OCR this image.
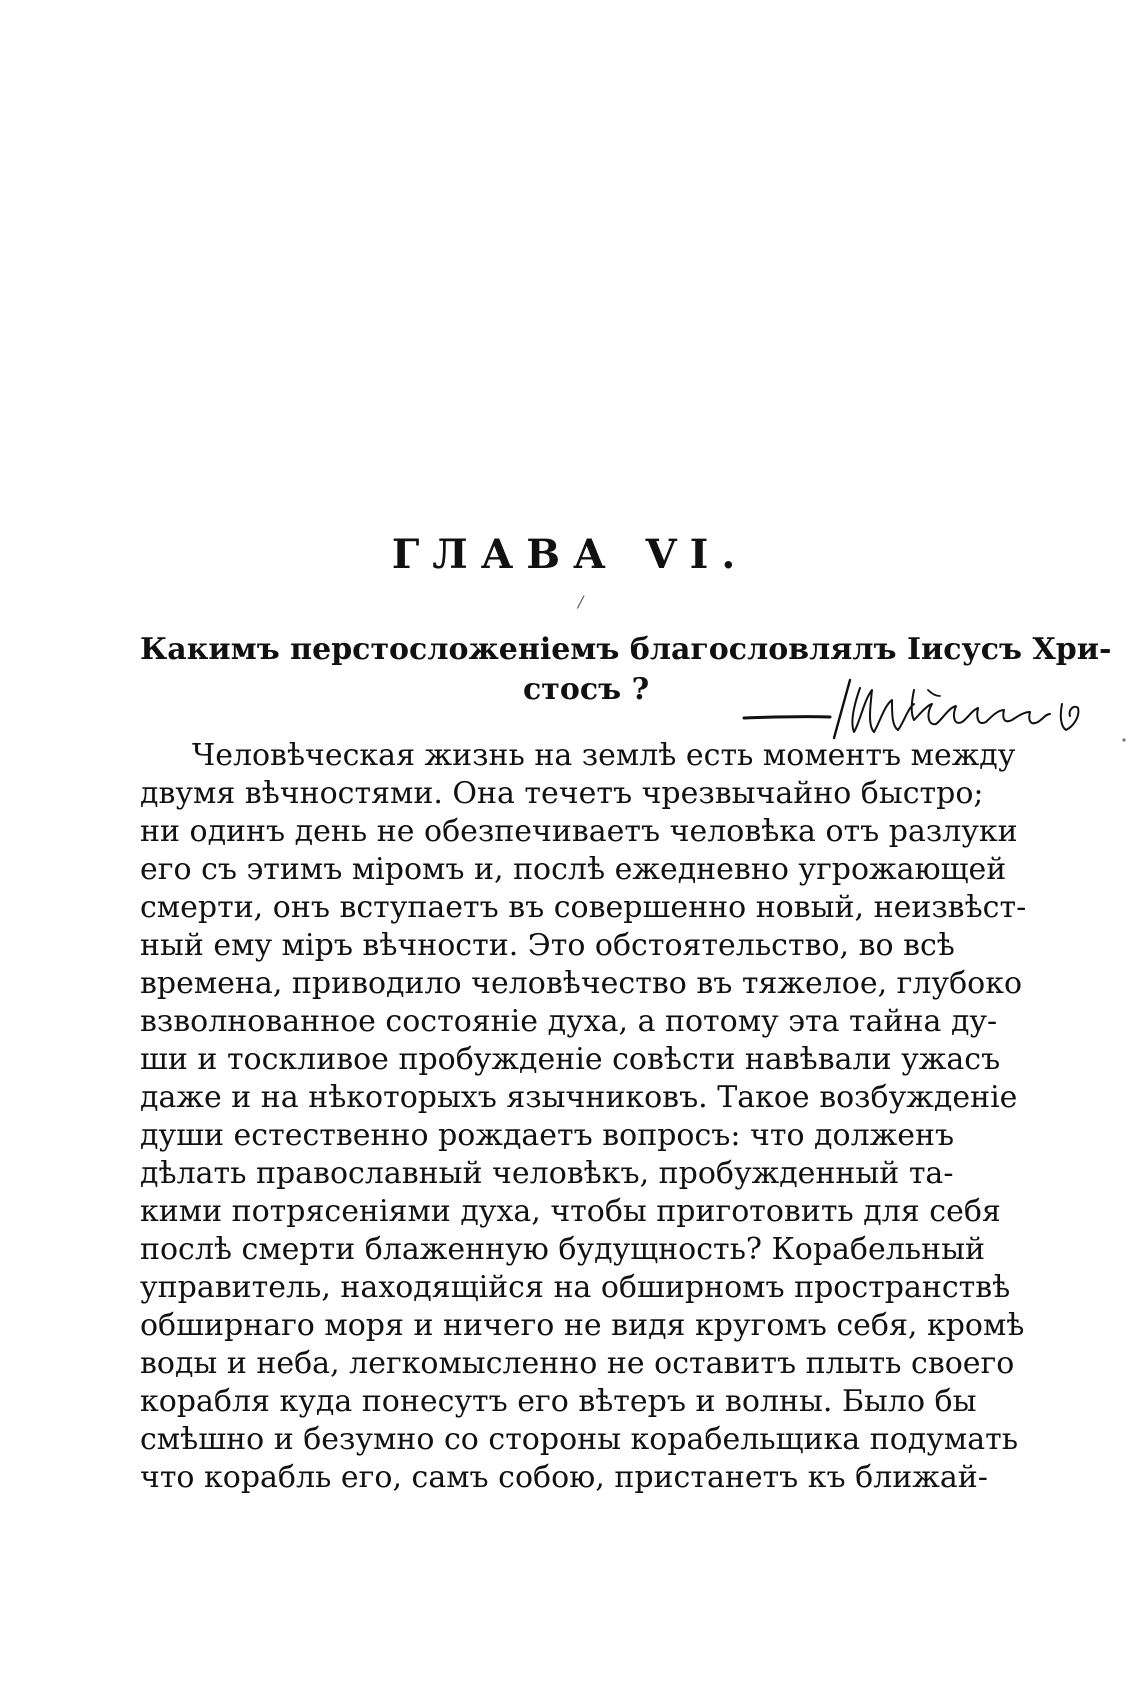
ГЛАВА VI.
/
Какимъ перстосложеніемъ благословлялъ Іисусъ Хри-
стосъ ?
Человѣческая жизнь на землѣ есть моментъ между
двумя вѣчностями. Она течетъ чрезвычайно быстро;
ни одинъ день не обезпечиваетъ человѣка отъ разлуки
его съ этимъ міромъ и, послѣ ежедневно угрожающей
смерти, онъ вступаетъ въ совершенно новый, неизвѣст-
ный ему міръ вѣчности. Это обстоятельство, во всѣ
времена, приводило человѣчество въ тяжелое, глубоко
взволнованное состояніе духа, а потому эта тайна ду-
ши и тоскливое пробужденіе совѣсти навѣвали ужасъ
даже и на нѣкоторыхъ язычниковъ. Такое возбужденіе
души естественно рождаетъ вопросъ: что долженъ
дѣлать православный человѣкъ, пробужденный та-
кими потрясеніями духа, чтобы приготовить для себя
послѣ смерти блаженную будущность? Корабельный
управитель, находящійся на обширномъ пространствѣ
обширнаго моря и ничего не видя кругомъ себя, кромѣ
воды и неба, легкомысленно не оставитъ плыть своего
корабля куда понесутъ его вѣтеръ и волны. Было бы
смѣшно и безумно со стороны корабельщика подумать
что корабль его, самъ собою, пристанетъ къ ближай-
